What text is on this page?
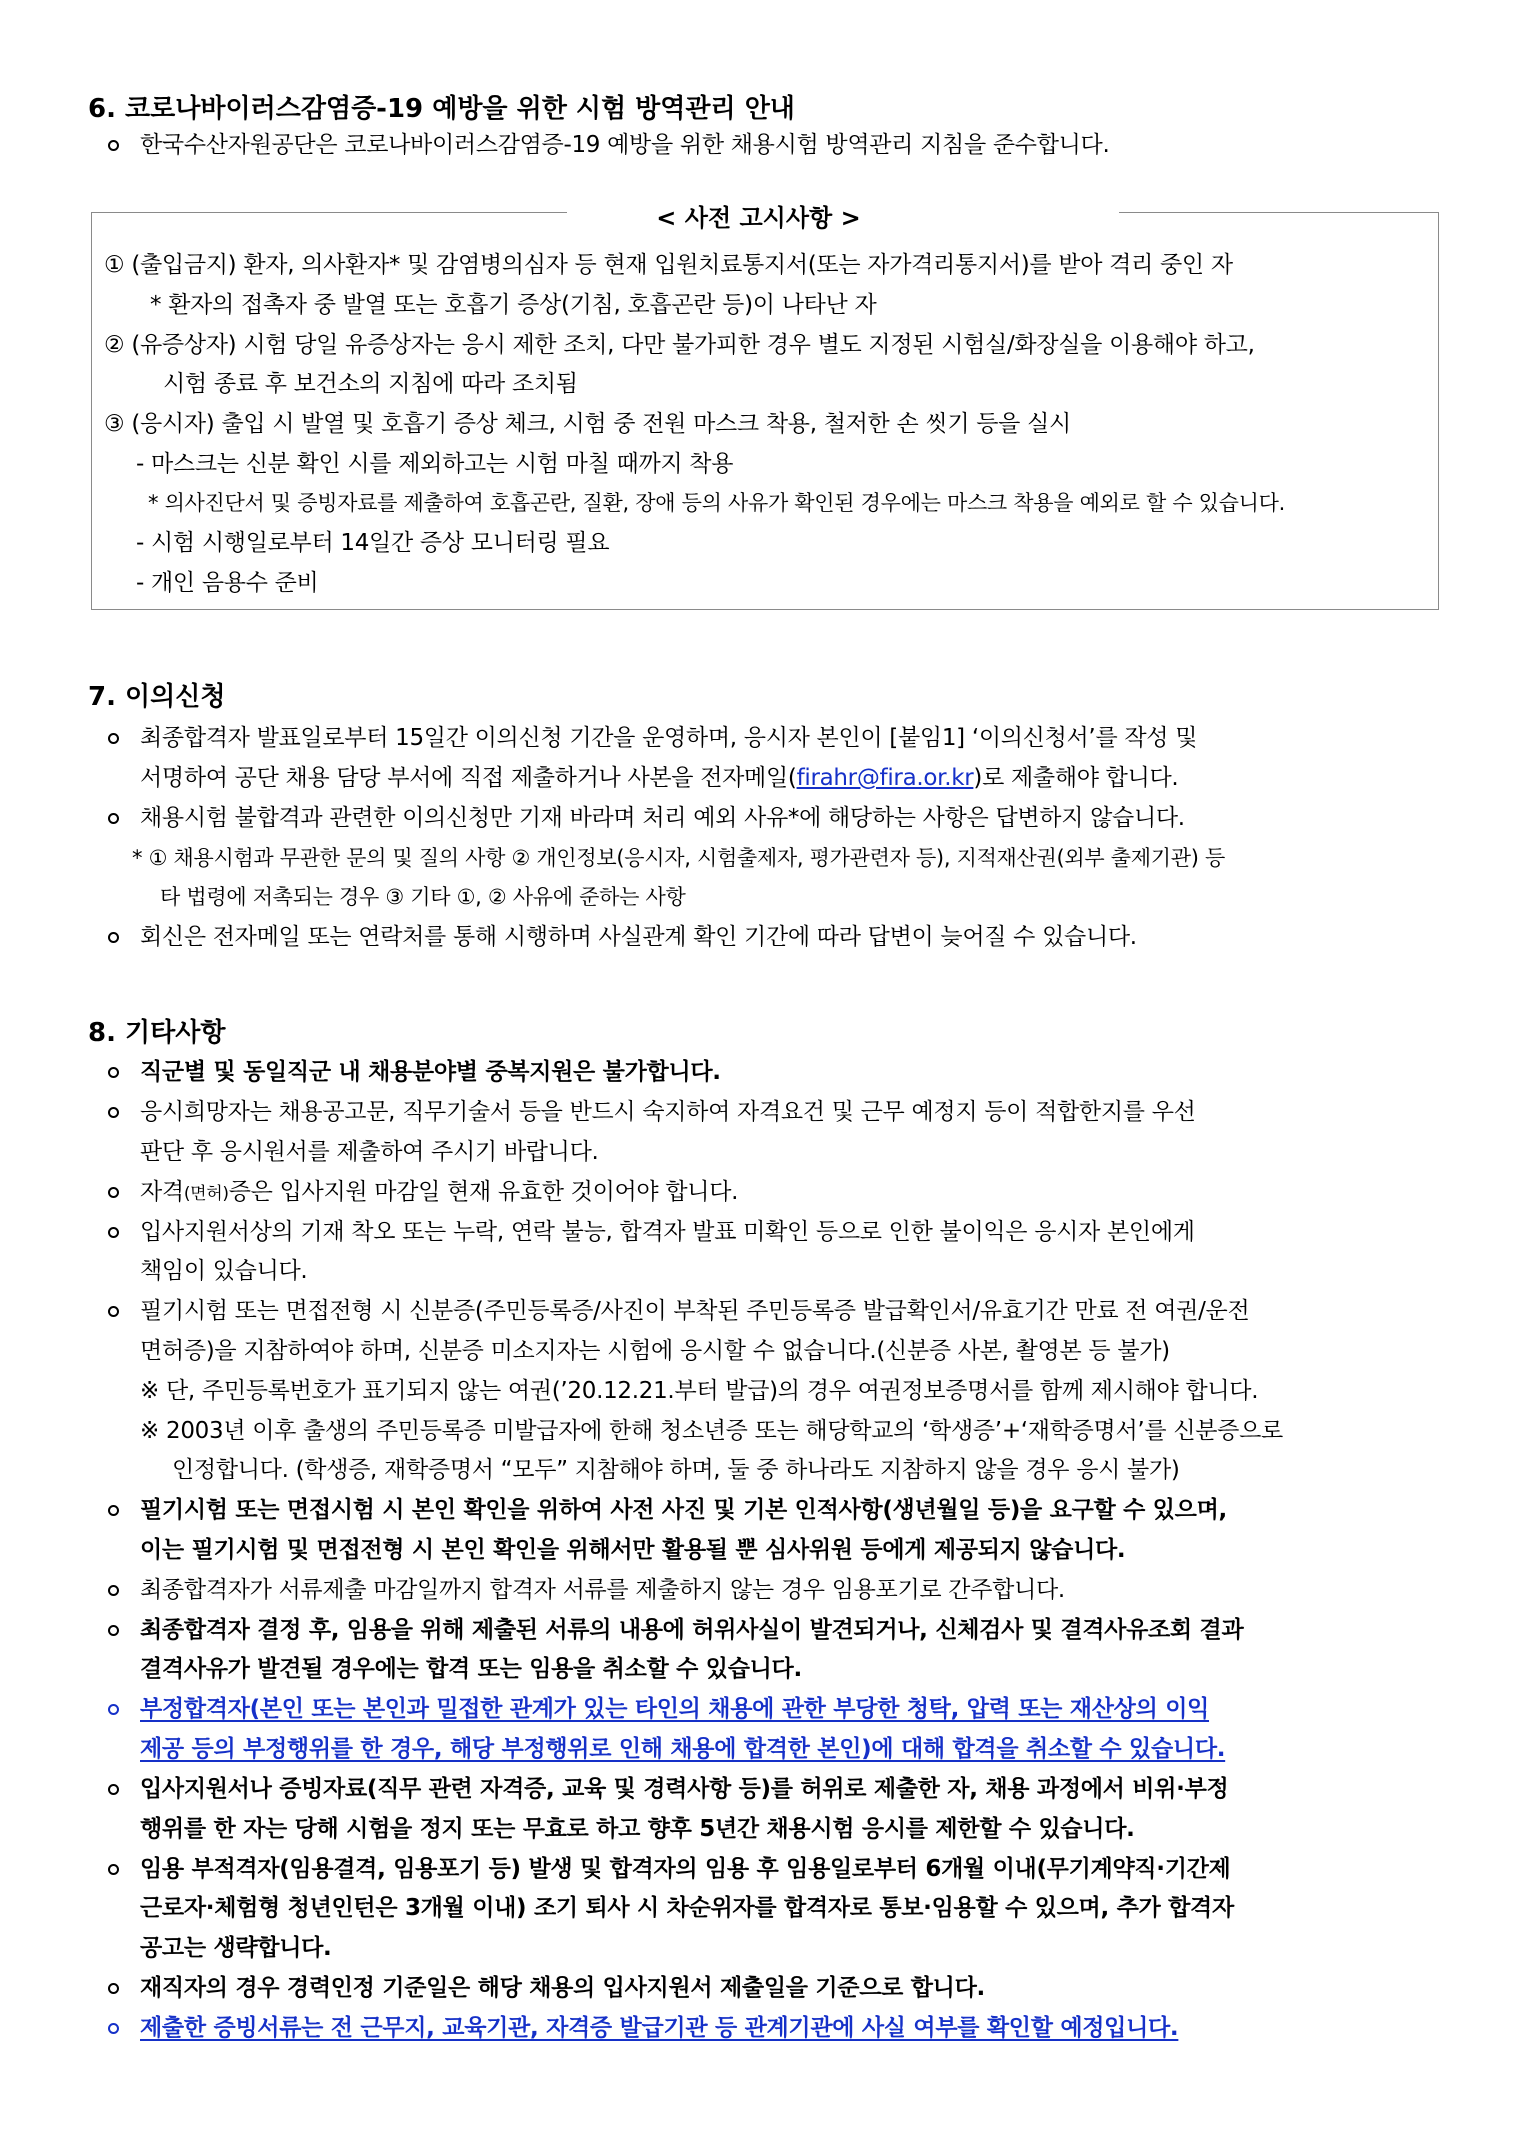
6. 코로나바이러스감염증-19 예방을 위한 시험 방역관리 안내
한국수산자원공단은 코로나바이러스감염증-19 예방을 위한 채용시험 방역관리 지침을 준수합니다.
< 사전 고시사항 >
① (출입금지) 환자, 의사환자* 및 감염병의심자 등 현재 입원치료통지서(또는 자가격리통지서)를 받아 격리 중인 자
* 환자의 접촉자 중 발열 또는 호흡기 증상(기침, 호흡곤란 등)이 나타난 자
② (유증상자) 시험 당일 유증상자는 응시 제한 조치, 다만 불가피한 경우 별도 지정된 시험실/화장실을 이용해야 하고,
시험 종료 후 보건소의 지침에 따라 조치됨
③ (응시자) 출입 시 발열 및 호흡기 증상 체크, 시험 중 전원 마스크 착용, 철저한 손 씻기 등을 실시
- 마스크는 신분 확인 시를 제외하고는 시험 마칠 때까지 착용
* 의사진단서 및 증빙자료를 제출하여 호흡곤란, 질환, 장애 등의 사유가 확인된 경우에는 마스크 착용을 예외로 할 수 있습니다.
- 시험 시행일로부터 14일간 증상 모니터링 필요
- 개인 음용수 준비
7. 이의신청
최종합격자 발표일로부터 15일간 이의신청 기간을 운영하며, 응시자 본인이 [붙임1] ‘이의신청서’를 작성 및
서명하여 공단 채용 담당 부서에 직접 제출하거나 사본을 전자메일(firahr@fira.or.kr)로 제출해야 합니다.
채용시험 불합격과 관련한 이의신청만 기재 바라며 처리 예외 사유*에 해당하는 사항은 답변하지 않습니다.
* ① 채용시험과 무관한 문의 및 질의 사항 ② 개인정보(응시자, 시험출제자, 평가관련자 등), 지적재산권(외부 출제기관) 등
타 법령에 저촉되는 경우 ③ 기타 ①, ② 사유에 준하는 사항
회신은 전자메일 또는 연락처를 통해 시행하며 사실관계 확인 기간에 따라 답변이 늦어질 수 있습니다.
8. 기타사항
직군별 및 동일직군 내 채용분야별 중복지원은 불가합니다.
응시희망자는 채용공고문, 직무기술서 등을 반드시 숙지하여 자격요건 및 근무 예정지 등이 적합한지를 우선
판단 후 응시원서를 제출하여 주시기 바랍니다.
자격(면허)증은 입사지원 마감일 현재 유효한 것이어야 합니다.
입사지원서상의 기재 착오 또는 누락, 연락 불능, 합격자 발표 미확인 등으로 인한 불이익은 응시자 본인에게
책임이 있습니다.
필기시험 또는 면접전형 시 신분증(주민등록증/사진이 부착된 주민등록증 발급확인서/유효기간 만료 전 여권/운전
면허증)을 지참하여야 하며, 신분증 미소지자는 시험에 응시할 수 없습니다.(신분증 사본, 촬영본 등 불가)
※ 단, 주민등록번호가 표기되지 않는 여권(’20.12.21.부터 발급)의 경우 여권정보증명서를 함께 제시해야 합니다.
※ 2003년 이후 출생의 주민등록증 미발급자에 한해 청소년증 또는 해당학교의 ‘학생증’+‘재학증명서’를 신분증으로
인정합니다. (학생증, 재학증명서 “모두” 지참해야 하며, 둘 중 하나라도 지참하지 않을 경우 응시 불가)
필기시험 또는 면접시험 시 본인 확인을 위하여 사전 사진 및 기본 인적사항(생년월일 등)을 요구할 수 있으며,
이는 필기시험 및 면접전형 시 본인 확인을 위해서만 활용될 뿐 심사위원 등에게 제공되지 않습니다.
최종합격자가 서류제출 마감일까지 합격자 서류를 제출하지 않는 경우 임용포기로 간주합니다.
최종합격자 결정 후, 임용을 위해 제출된 서류의 내용에 허위사실이 발견되거나, 신체검사 및 결격사유조회 결과
결격사유가 발견될 경우에는 합격 또는 임용을 취소할 수 있습니다.
부정합격자(본인 또는 본인과 밀접한 관계가 있는 타인의 채용에 관한 부당한 청탁, 압력 또는 재산상의 이익
제공 등의 부정행위를 한 경우, 해당 부정행위로 인해 채용에 합격한 본인)에 대해 합격을 취소할 수 있습니다.
입사지원서나 증빙자료(직무 관련 자격증, 교육 및 경력사항 등)를 허위로 제출한 자, 채용 과정에서 비위·부정
행위를 한 자는 당해 시험을 정지 또는 무효로 하고 향후 5년간 채용시험 응시를 제한할 수 있습니다.
임용 부적격자(임용결격, 임용포기 등) 발생 및 합격자의 임용 후 임용일로부터 6개월 이내(무기계약직·기간제
근로자·체험형 청년인턴은 3개월 이내) 조기 퇴사 시 차순위자를 합격자로 통보·임용할 수 있으며, 추가 합격자
공고는 생략합니다.
재직자의 경우 경력인정 기준일은 해당 채용의 입사지원서 제출일을 기준으로 합니다.
제출한 증빙서류는 전 근무지, 교육기관, 자격증 발급기관 등 관계기관에 사실 여부를 확인할 예정입니다.
